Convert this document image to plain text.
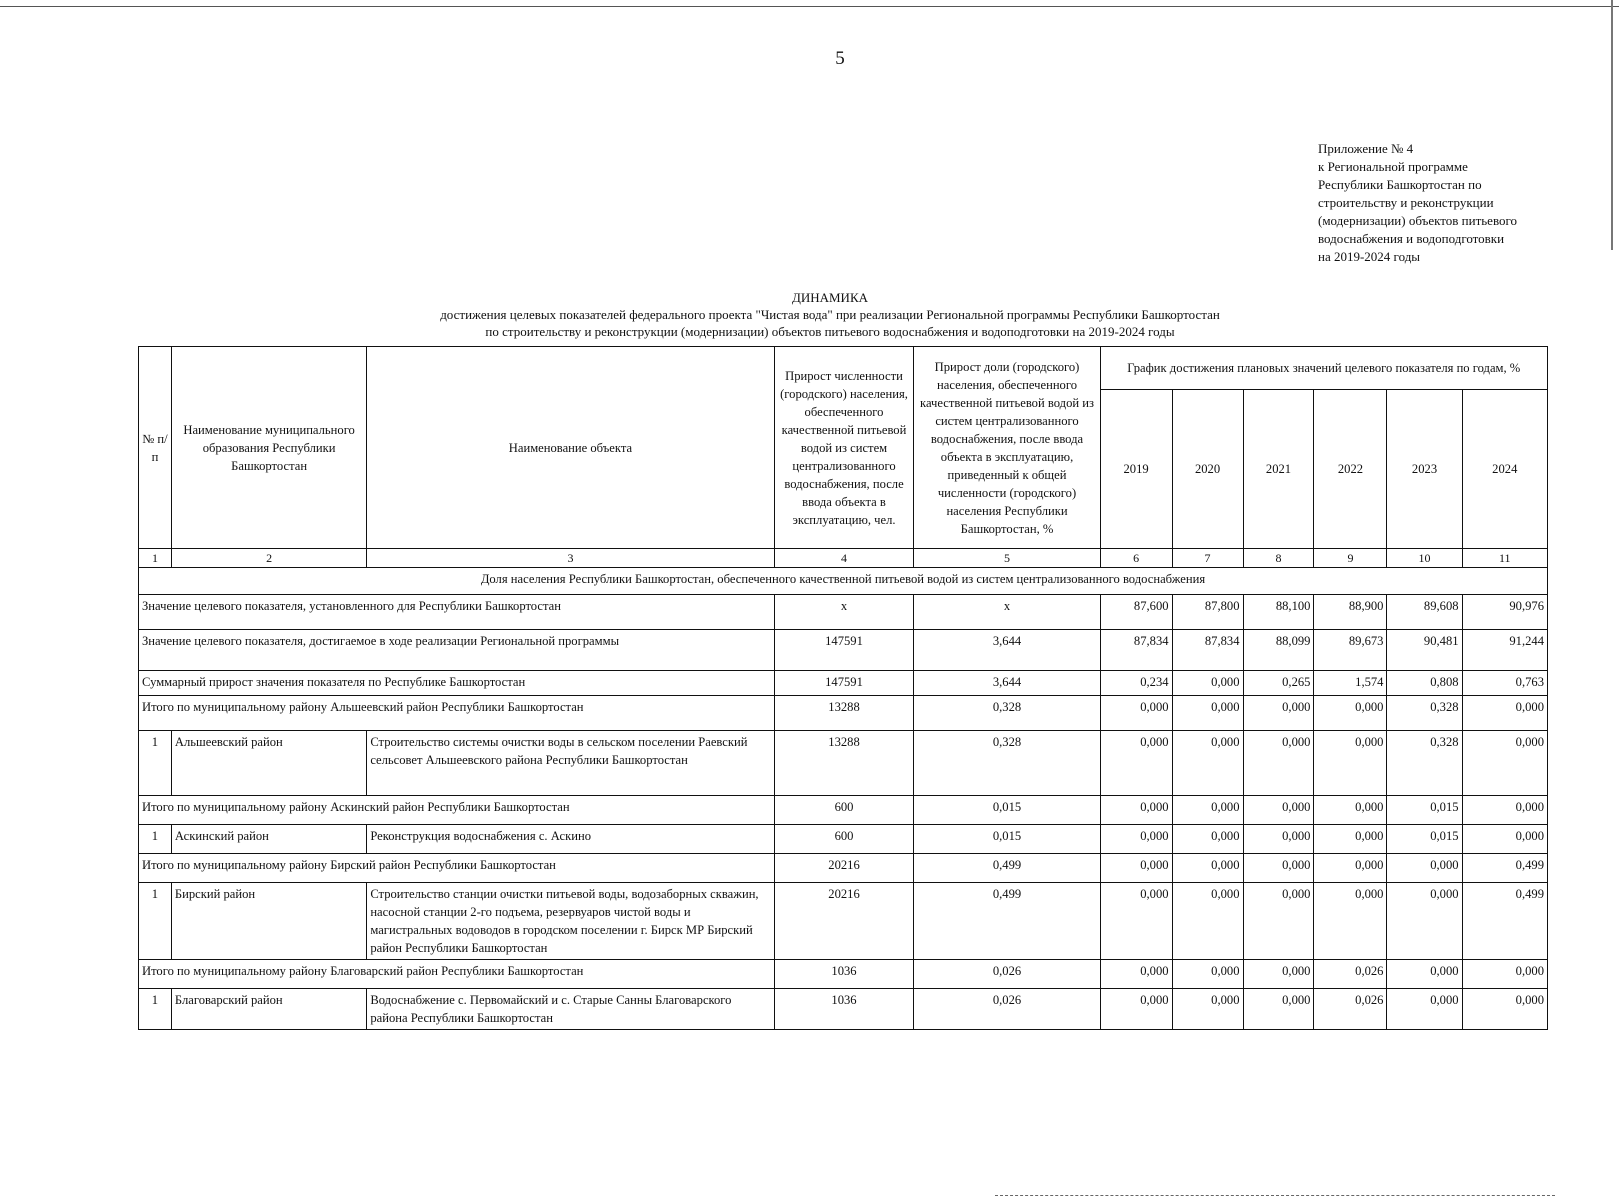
5
Приложение № 4
к Региональной программе
Республики Башкортостан по
строительству и реконструкции
(модернизации) объектов питьевого
водоснабжения и водоподготовки
на 2019-2024 годы
ДИНАМИКА
достижения целевых показателей федерального проекта "Чистая вода" при реализации Региональной программы Республики Башкортостан
по строительству и реконструкции (модернизации) объектов питьевого водоснабжения и водоподготовки на 2019-2024 годы
№ п/п	Наименование муниципального образования Республики Башкортостан	Наименование объекта	Прирост численности (городского) населения, обеспеченного качественной питьевой водой из систем централизованного водоснабжения, после ввода объекта в эксплуатацию, чел.	Прирост доли (городского) населения, обеспеченного качественной питьевой водой из систем централизованного водоснабжения, после ввода объекта в эксплуатацию, приведенный к общей численности (городского) населения Республики Башкортостан, %	График достижения плановых значений целевого показателя по годам, %					
					2019	2020	2021	2022	2023	2024
1	2	3	4	5	6	7	8	9	10	11
Доля населения Республики Башкортостан, обеспеченного качественной питьевой водой из систем централизованного водоснабжения										
Значение целевого показателя, установленного для Республики Башкортостан			x	x	87,600	87,800	88,100	88,900	89,608	90,976
Значение целевого показателя, достигаемое в ходе реализации Региональной программы			147591	3,644	87,834	87,834	88,099	89,673	90,481	91,244
Суммарный прирост значения показателя по Республике Башкортостан			147591	3,644	0,234	0,000	0,265	1,574	0,808	0,763
Итого по муниципальному району Альшеевский район Республики Башкортостан			13288	0,328	0,000	0,000	0,000	0,000	0,328	0,000
1	Альшеевский район	Строительство системы очистки воды в сельском поселении Раевский сельсовет Альшеевского района Республики Башкортостан	13288	0,328	0,000	0,000	0,000	0,000	0,328	0,000
Итого по муниципальному району Аскинский район Республики Башкортостан			600	0,015	0,000	0,000	0,000	0,000	0,015	0,000
1	Аскинский район	Реконструкция водоснабжения с. Аскино	600	0,015	0,000	0,000	0,000	0,000	0,015	0,000
Итого по муниципальному району Бирский район Республики Башкортостан			20216	0,499	0,000	0,000	0,000	0,000	0,000	0,499
1	Бирский район	Строительство станции очистки питьевой воды, водозаборных скважин, насосной станции 2-го подъема, резервуаров чистой воды и магистральных водоводов в городском поселении г. Бирск МР Бирский район Республики Башкортостан	20216	0,499	0,000	0,000	0,000	0,000	0,000	0,499
Итого по муниципальному району Благоварский район Республики Башкортостан			1036	0,026	0,000	0,000	0,000	0,026	0,000	0,000
1	Благоварский район	Водоснабжение с. Первомайский и с. Старые Санны Благоварского района Республики Башкортостан	1036	0,026	0,000	0,000	0,000	0,026	0,000	0,000
